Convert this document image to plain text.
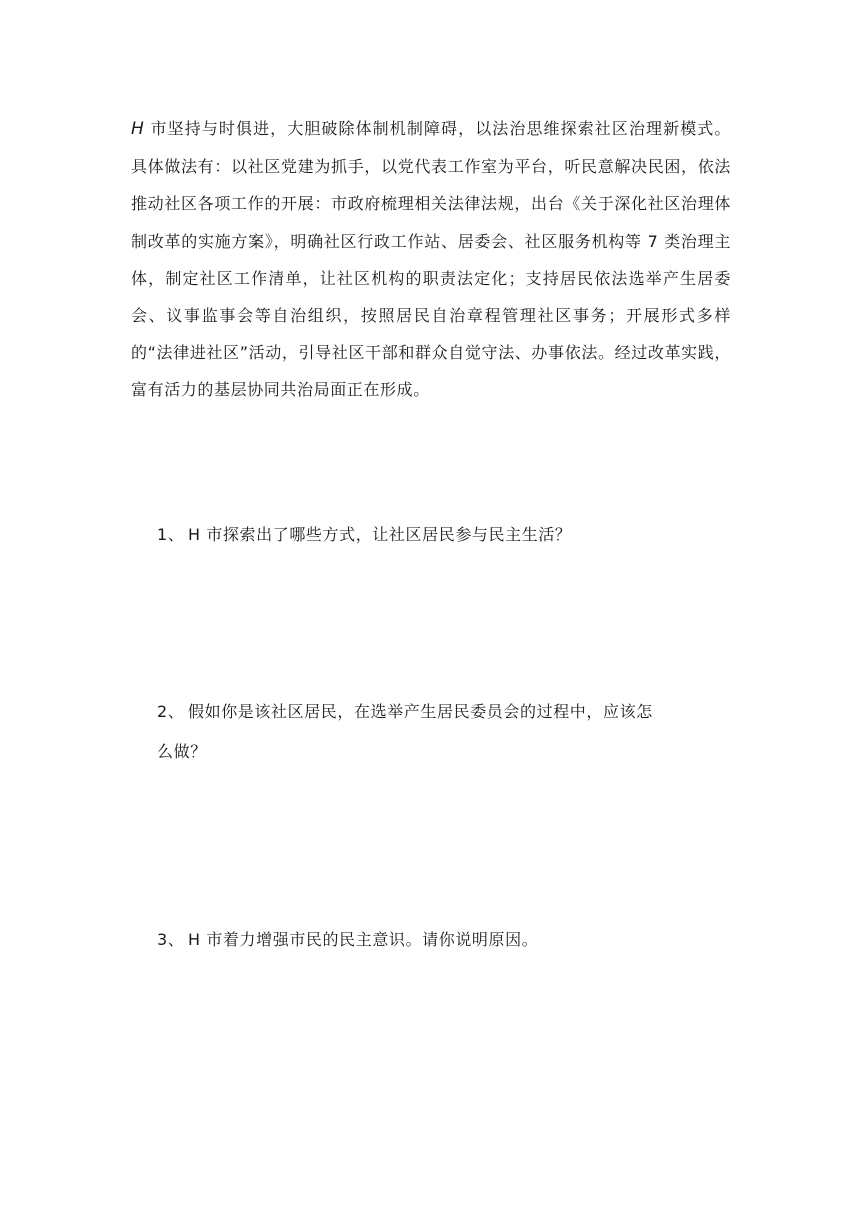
H 市坚持与时俱进，大胆破除体制机制障碍，以法治思维探索社区治理新模式。具体做法有：以社区党建为抓手，以党代表工作室为平台，听民意解决民困，依法推动社区各项工作的开展：市政府梳理相关法律法规，出台《关于深化社区治理体制改革的实施方案》，明确社区行政工作站、居委会、社区服务机构等 7 类治理主体，制定社区工作清单，让社区机构的职责法定化；支持居民依法选举产生居委会、议事监事会等自治组织，按照居民自治章程管理社区事务；开展形式多样的“法律进社区”活动，引导社区干部和群众自觉守法、办事依法。经过改革实践，富有活力的基层协同共治局面正在形成。

1、 H 市探索出了哪些方式，让社区居民参与民主生活？

2、 假如你是该社区居民，在选举产生居民委员会的过程中，应该怎
么做？

3、 H 市着力增强市民的民主意识。请你说明原因。
